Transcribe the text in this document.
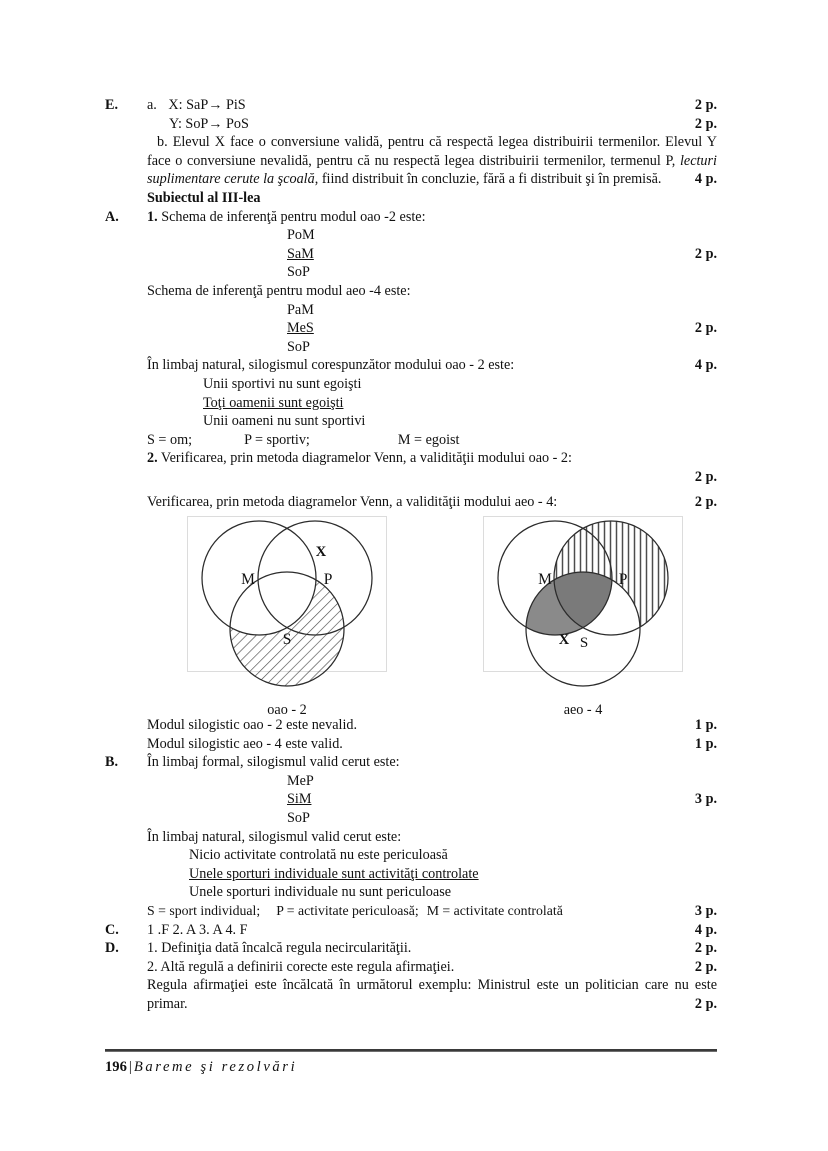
E.	a. X: SaP→ PiS	2 p.
Y: SoP→ PoS	2 p.
b. Elevul X face o conversiune validă, pentru că respectă legea distribuirii termenilor. Elevul Y face o conversiune nevalidă, pentru că nu respectă legea distribuirii termenilor, termenul P, lecturi suplimentare cerute la şcoală, fiind distribuit în concluzie, fără a fi distribuit şi în premisă.
	4 p.
Subiectul al III-lea
A.	1. Schema de inferenţă pentru modul oao -2 este:
PoM
SaM	2 p.
SoP
Schema de inferenţă pentru modul aeo -4 este:
PaM
MeS	2 p.
SoP
În limbaj natural, silogismul corespunzător modului oao - 2 este:	4 p.
Unii sportivi nu sunt egoişti
Toţi oamenii sunt egoişti
Unii oameni nu sunt sportivi
S = om;	P = sportiv;	M = egoist
2. Verificarea, prin metoda diagramelor Venn, a validităţii modului oao - 2:

2 p.
Verificarea, prin metoda diagramelor Venn, a validităţii modului aeo - 4:	2 p.
M	P
S
X
oao - 2
M	P
S
X
aeo - 4
Modul silogistic oao - 2 este nevalid.	1 p.
Modul silogistic aeo - 4 este valid.	1 p.
B.	În limbaj formal, silogismul valid cerut este:
MeP
SiM	3 p.
SoP
În limbaj natural, silogismul valid cerut este:
Nicio activitate controlată nu este periculoasă
Unele sporturi individuale sunt activităţi controlate
Unele sporturi individuale nu sunt periculoase
S = sport individual; P = activitate periculoasă; M = activitate controlată	3 p.
C.	1 .F 2. A 3. A 4. F	4 p.
D.	1. Definiţia dată încalcă regula necircularităţii.	2 p.
2. Altă regulă a definirii corecte este regula afirmaţiei.	2 p.
Regula afirmaţiei este încălcată în următorul exemplu: Ministrul este un politician care nu este primar.
	2 p.
196 | Bareme şi rezolvări
